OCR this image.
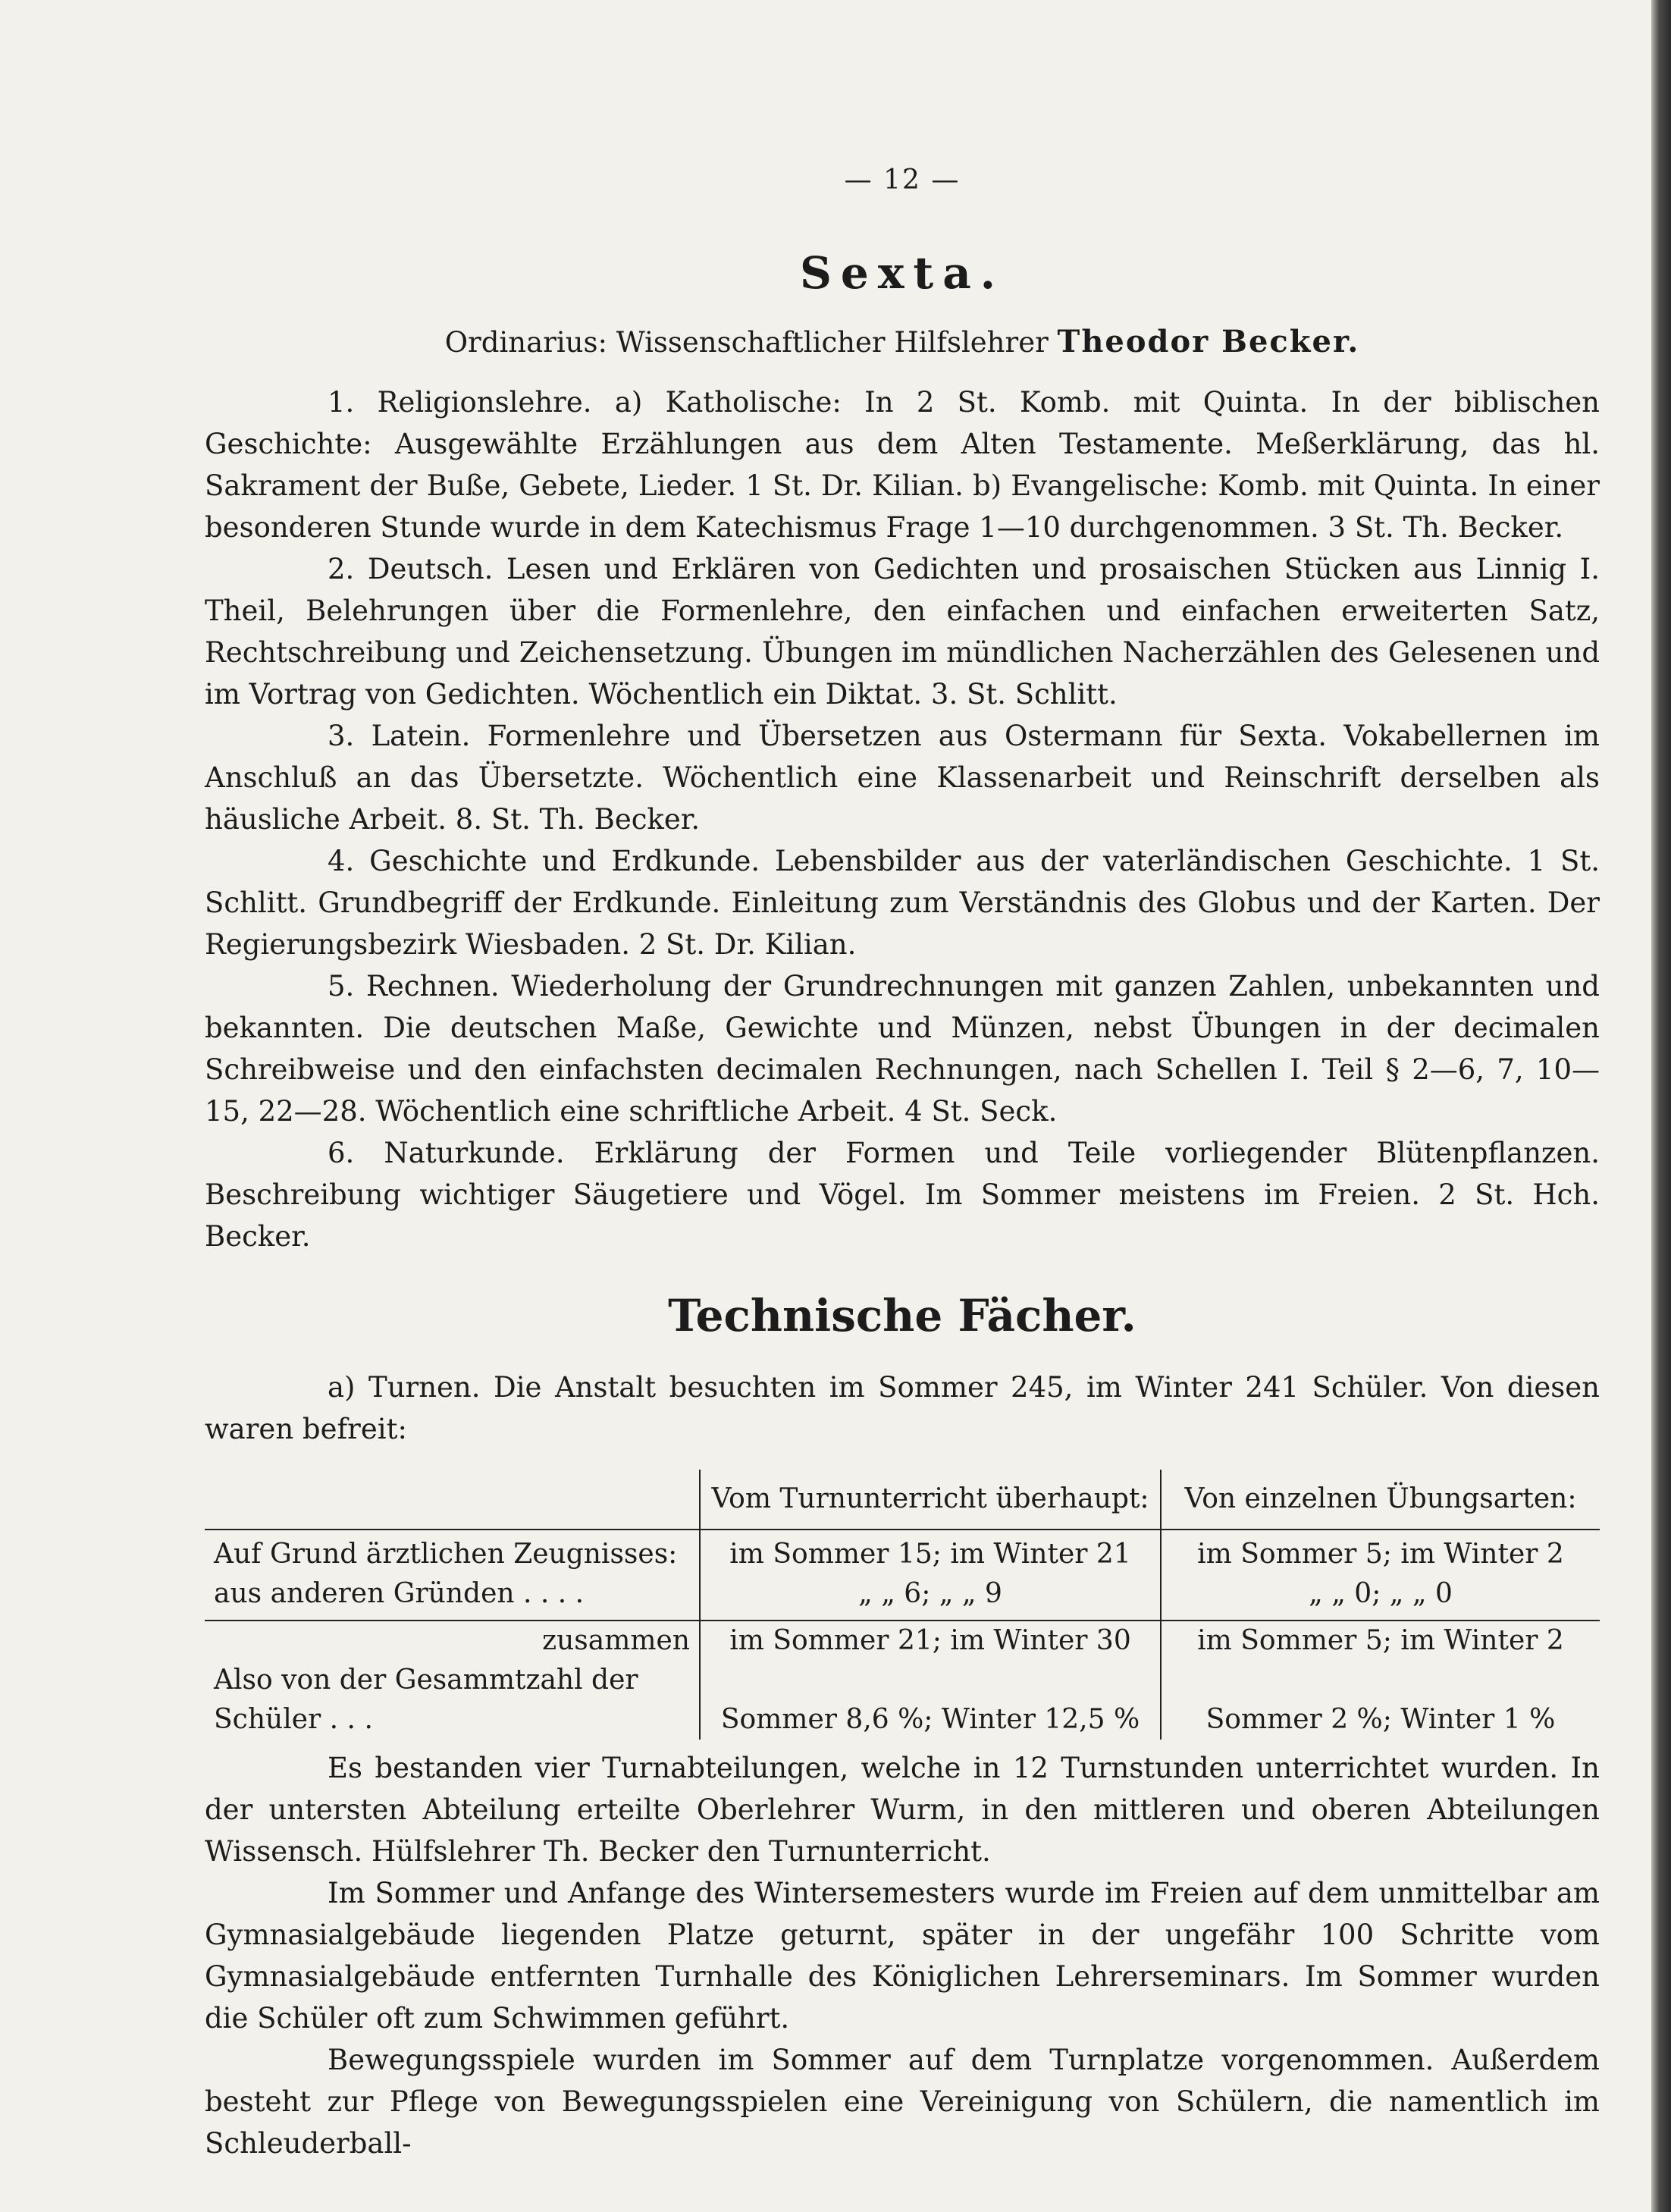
— 12 —
Sexta.
Ordinarius: Wissenschaftlicher Hilfslehrer Theodor Becker.

1. Religionslehre. a) Katholische: In 2 St. Komb. mit Quinta. In der biblischen Geschichte: Ausgewählte Erzählungen aus dem Alten Testamente. Meßerklärung, das hl. Sakrament der Buße, Gebete, Lieder. 1 St. Dr. Kilian. b) Evangelische: Komb. mit Quinta. In einer besonderen Stunde wurde in dem Katechismus Frage 1—10 durchgenommen. 3 St. Th. Becker.

2. Deutsch. Lesen und Erklären von Gedichten und prosaischen Stücken aus Linnig I. Theil, Belehrungen über die Formenlehre, den einfachen und einfachen erweiterten Satz, Rechtschreibung und Zeichensetzung. Übungen im mündlichen Nacherzählen des Gelesenen und im Vortrag von Gedichten. Wöchentlich ein Diktat. 3. St. Schlitt.

3. Latein. Formenlehre und Übersetzen aus Ostermann für Sexta. Vokabellernen im Anschluß an das Übersetzte. Wöchentlich eine Klassenarbeit und Reinschrift derselben als häusliche Arbeit. 8. St. Th. Becker.

4. Geschichte und Erdkunde. Lebensbilder aus der vaterländischen Geschichte. 1 St. Schlitt. Grundbegriff der Erdkunde. Einleitung zum Verständnis des Globus und der Karten. Der Regierungsbezirk Wiesbaden. 2 St. Dr. Kilian.

5. Rechnen. Wiederholung der Grundrechnungen mit ganzen Zahlen, unbekannten und bekannten. Die deutschen Maße, Gewichte und Münzen, nebst Übungen in der decimalen Schreibweise und den einfachsten decimalen Rechnungen, nach Schellen I. Teil § 2—6, 7, 10—15, 22—28. Wöchentlich eine schriftliche Arbeit. 4 St. Seck.

6. Naturkunde. Erklärung der Formen und Teile vorliegender Blütenpflanzen. Beschreibung wichtiger Säugetiere und Vögel. Im Sommer meistens im Freien. 2 St. Hch. Becker.

Technische Fächer.

a) Turnen. Die Anstalt besuchten im Sommer 245, im Winter 241 Schüler. Von diesen waren befreit:

	Vom Turnunterricht überhaupt:	Von einzelnen Übungsarten:
Auf Grund ärztlichen Zeugnisses:	im Sommer 15; im Winter 21	im Sommer 5; im Winter 2
aus anderen Gründen . . . .	„ „ 6; „ „ 9	„ „ 0; „ „ 0
zusammen	im Sommer 21; im Winter 30	im Sommer 5; im Winter 2

Also von der Gesammtzahl der
Schüler . . .	Sommer 8,6 %; Winter 12,5 %	Sommer 2 %; Winter 1 %

Es bestanden vier Turnabteilungen, welche in 12 Turnstunden unterrichtet wurden. In der untersten Abteilung erteilte Oberlehrer Wurm, in den mittleren und oberen Abteilungen Wissensch. Hülfslehrer Th. Becker den Turnunterricht.

Im Sommer und Anfange des Wintersemesters wurde im Freien auf dem unmittelbar am Gymnasialgebäude liegenden Platze geturnt, später in der ungefähr 100 Schritte vom Gymnasialgebäude entfernten Turnhalle des Königlichen Lehrerseminars. Im Sommer wurden die Schüler oft zum Schwimmen geführt.

Bewegungsspiele wurden im Sommer auf dem Turnplatze vorgenommen. Außerdem besteht zur Pflege von Bewegungsspielen eine Vereinigung von Schülern, die namentlich im Schleuderball-
